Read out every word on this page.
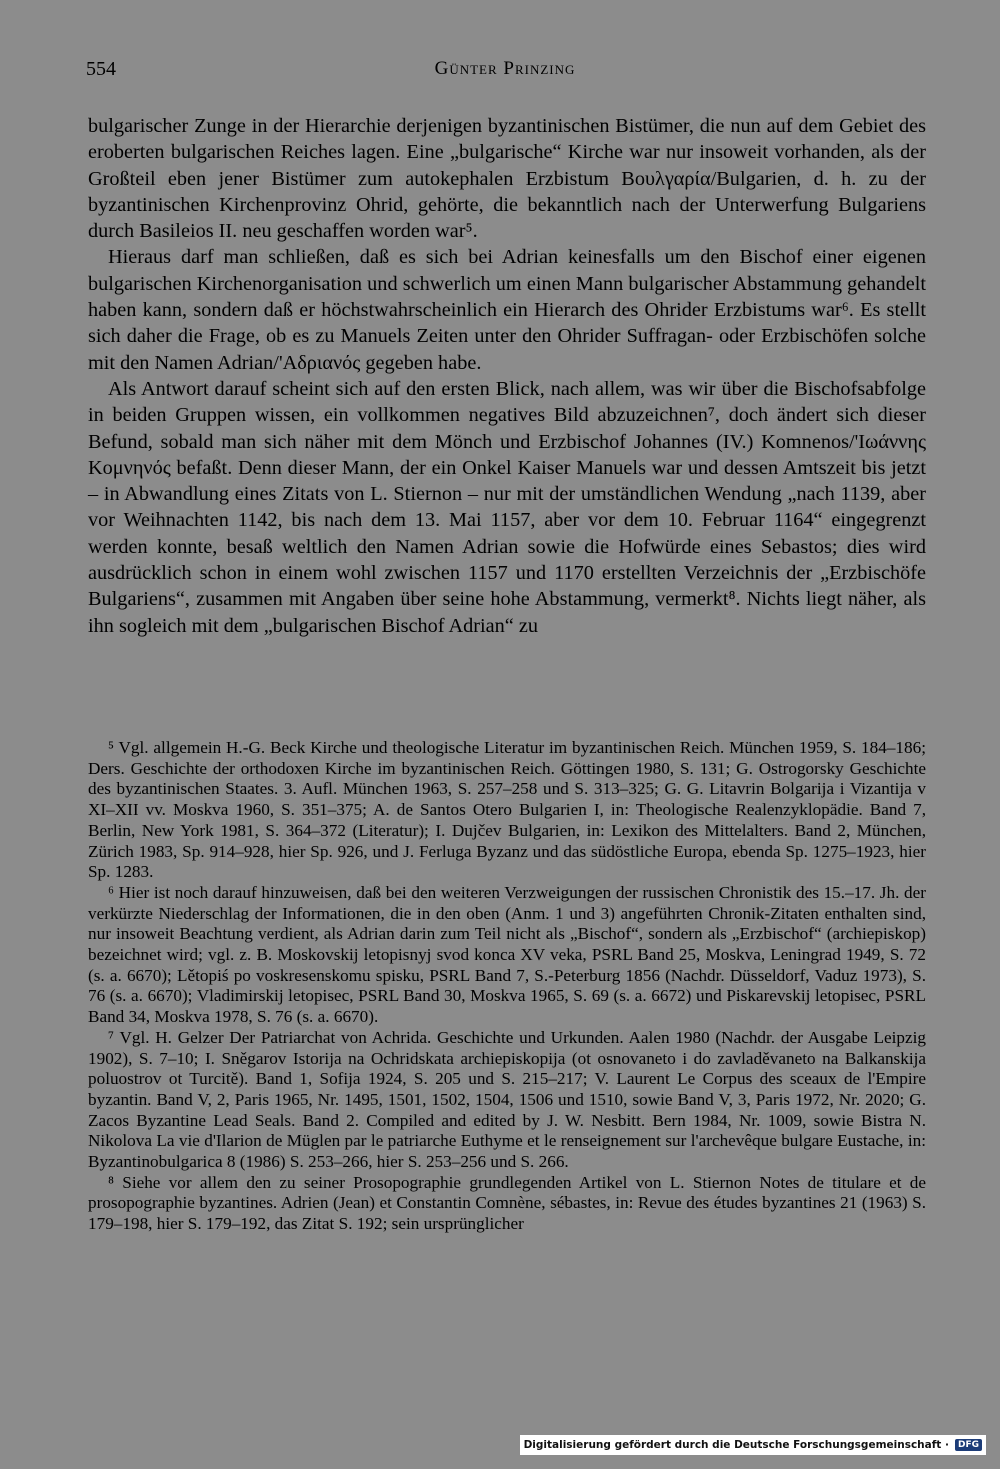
554	Günter Prinzing

bulgarischer Zunge in der Hierarchie derjenigen byzantinischen Bistümer, die nun auf dem Gebiet des eroberten bulgarischen Reiches lagen. Eine „bulgarische“ Kirche war nur insoweit vorhanden, als der Großteil eben jener Bistümer zum autokephalen Erzbistum Βουλγαρία/Bulgarien, d. h. zu der byzantinischen Kirchenprovinz Ohrid, gehörte, die bekanntlich nach der Unterwerfung Bulgariens durch Basileios II. neu geschaffen worden war⁵.

Hieraus darf man schließen, daß es sich bei Adrian keinesfalls um den Bischof einer eigenen bulgarischen Kirchenorganisation und schwerlich um einen Mann bulgarischer Abstammung gehandelt haben kann, sondern daß er höchstwahrscheinlich ein Hierarch des Ohrider Erzbistums war⁶. Es stellt sich daher die Frage, ob es zu Manuels Zeiten unter den Ohrider Suffragan- oder Erzbischöfen solche mit den Namen Adrian/'Αδριανός gegeben habe.

Als Antwort darauf scheint sich auf den ersten Blick, nach allem, was wir über die Bischofsabfolge in beiden Gruppen wissen, ein vollkommen negatives Bild abzuzeichnen⁷, doch ändert sich dieser Befund, sobald man sich näher mit dem Mönch und Erzbischof Johannes (IV.) Komnenos/'Ιωάννης Κομνηνός befaßt. Denn dieser Mann, der ein Onkel Kaiser Manuels war und dessen Amtszeit bis jetzt – in Abwandlung eines Zitats von L. Stiernon – nur mit der umständlichen Wendung „nach 1139, aber vor Weihnachten 1142, bis nach dem 13. Mai 1157, aber vor dem 10. Februar 1164“ eingegrenzt werden konnte, besaß weltlich den Namen Adrian sowie die Hofwürde eines Sebastos; dies wird ausdrücklich schon in einem wohl zwischen 1157 und 1170 erstellten Verzeichnis der „Erzbischöfe Bulgariens“, zusammen mit Angaben über seine hohe Abstammung, vermerkt⁸. Nichts liegt näher, als ihn sogleich mit dem „bulgarischen Bischof Adrian“ zu

⁵ Vgl. allgemein H.-G. Beck Kirche und theologische Literatur im byzantinischen Reich. München 1959, S. 184–186; Ders. Geschichte der orthodoxen Kirche im byzantinischen Reich. Göttingen 1980, S. 131; G. Ostrogorsky Geschichte des byzantinischen Staates. 3. Aufl. München 1963, S. 257–258 und S. 313–325; G. G. Litavrin Bolgarija i Vizantija v XI–XII vv. Moskva 1960, S. 351–375; A. de Santos Otero Bulgarien I, in: Theologische Realenzyklopädie. Band 7, Berlin, New York 1981, S. 364–372 (Literatur); I. Dujčev Bulgarien, in: Lexikon des Mittelalters. Band 2, München, Zürich 1983, Sp. 914–928, hier Sp. 926, und J. Ferluga Byzanz und das südöstliche Europa, ebenda Sp. 1275–1923, hier Sp. 1283.

⁶ Hier ist noch darauf hinzuweisen, daß bei den weiteren Verzweigungen der russischen Chronistik des 15.–17. Jh. der verkürzte Niederschlag der Informationen, die in den oben (Anm. 1 und 3) angeführten Chronik-Zitaten enthalten sind, nur insoweit Beachtung verdient, als Adrian darin zum Teil nicht als „Bischof“, sondern als „Erzbischof“ (archiepiskop) bezeichnet wird; vgl. z. B. Moskovskij letopisnyj svod konca XV veka, PSRL Band 25, Moskva, Leningrad 1949, S. 72 (s. a. 6670); Lětopiś po voskresenskomu spisku, PSRL Band 7, S.-Peterburg 1856 (Nachdr. Düsseldorf, Vaduz 1973), S. 76 (s. a. 6670); Vladimirskij letopisec, PSRL Band 30, Moskva 1965, S. 69 (s. a. 6672) und Piskarevskij letopisec, PSRL Band 34, Moskva 1978, S. 76 (s. a. 6670).

⁷ Vgl. H. Gelzer Der Patriarchat von Achrida. Geschichte und Urkunden. Aalen 1980 (Nachdr. der Ausgabe Leipzig 1902), S. 7–10; I. Sněgarov Istorija na Ochridskata archiepiskopija (ot osnovaneto i do zavladěvaneto na Balkanskija poluostrov ot Turcitě). Band 1, Sofija 1924, S. 205 und S. 215–217; V. Laurent Le Corpus des sceaux de l'Empire byzantin. Band V, 2, Paris 1965, Nr. 1495, 1501, 1502, 1504, 1506 und 1510, sowie Band V, 3, Paris 1972, Nr. 2020; G. Zacos Byzantine Lead Seals. Band 2. Compiled and edited by J. W. Nesbitt. Bern 1984, Nr. 1009, sowie Bistra N. Nikolova La vie d'Ilarion de Müglen par le patriarche Euthyme et le renseignement sur l'archevêque bulgare Eustache, in: Byzantinobulgarica 8 (1986) S. 253–266, hier S. 253–256 und S. 266.

⁸ Siehe vor allem den zu seiner Prosopographie grundlegenden Artikel von L. Stiernon Notes de titulare et de prosopographie byzantines. Adrien (Jean) et Constantin Comnène, sébastes, in: Revue des études byzantines 21 (1963) S. 179–198, hier S. 179–192, das Zitat S. 192; sein ursprünglicher

Digitalisierung gefördert durch die Deutsche Forschungsgemeinschaft ·	DFG
